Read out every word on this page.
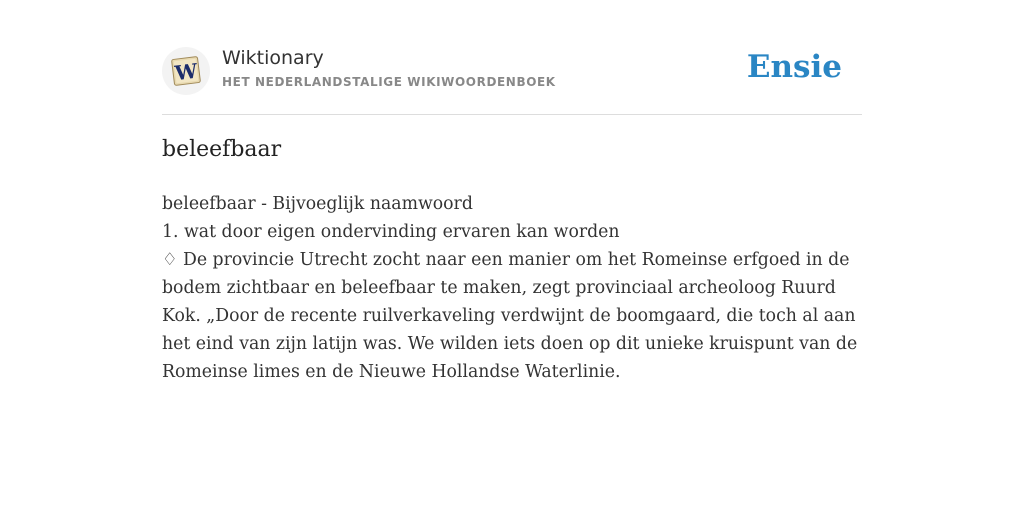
W
Wiktionary
HET NEDERLANDSTALIGE WIKIWOORDENBOEK	Ensie
beleefbaar

beleefbaar - Bijvoeglijk naamwoord

1. wat door eigen ondervinding ervaren kan worden

♢ De provincie Utrecht zocht naar een manier om het Romeinse erfgoed in de bodem zichtbaar en beleefbaar te maken, zegt provinciaal archeoloog Ruurd Kok. „Door de recente ruilverkaveling verdwijnt de boomgaard, die toch al aan het eind van zijn latijn was. We wilden iets doen op dit unieke kruispunt van de Romeinse limes en de Nieuwe Hollandse Waterlinie.
